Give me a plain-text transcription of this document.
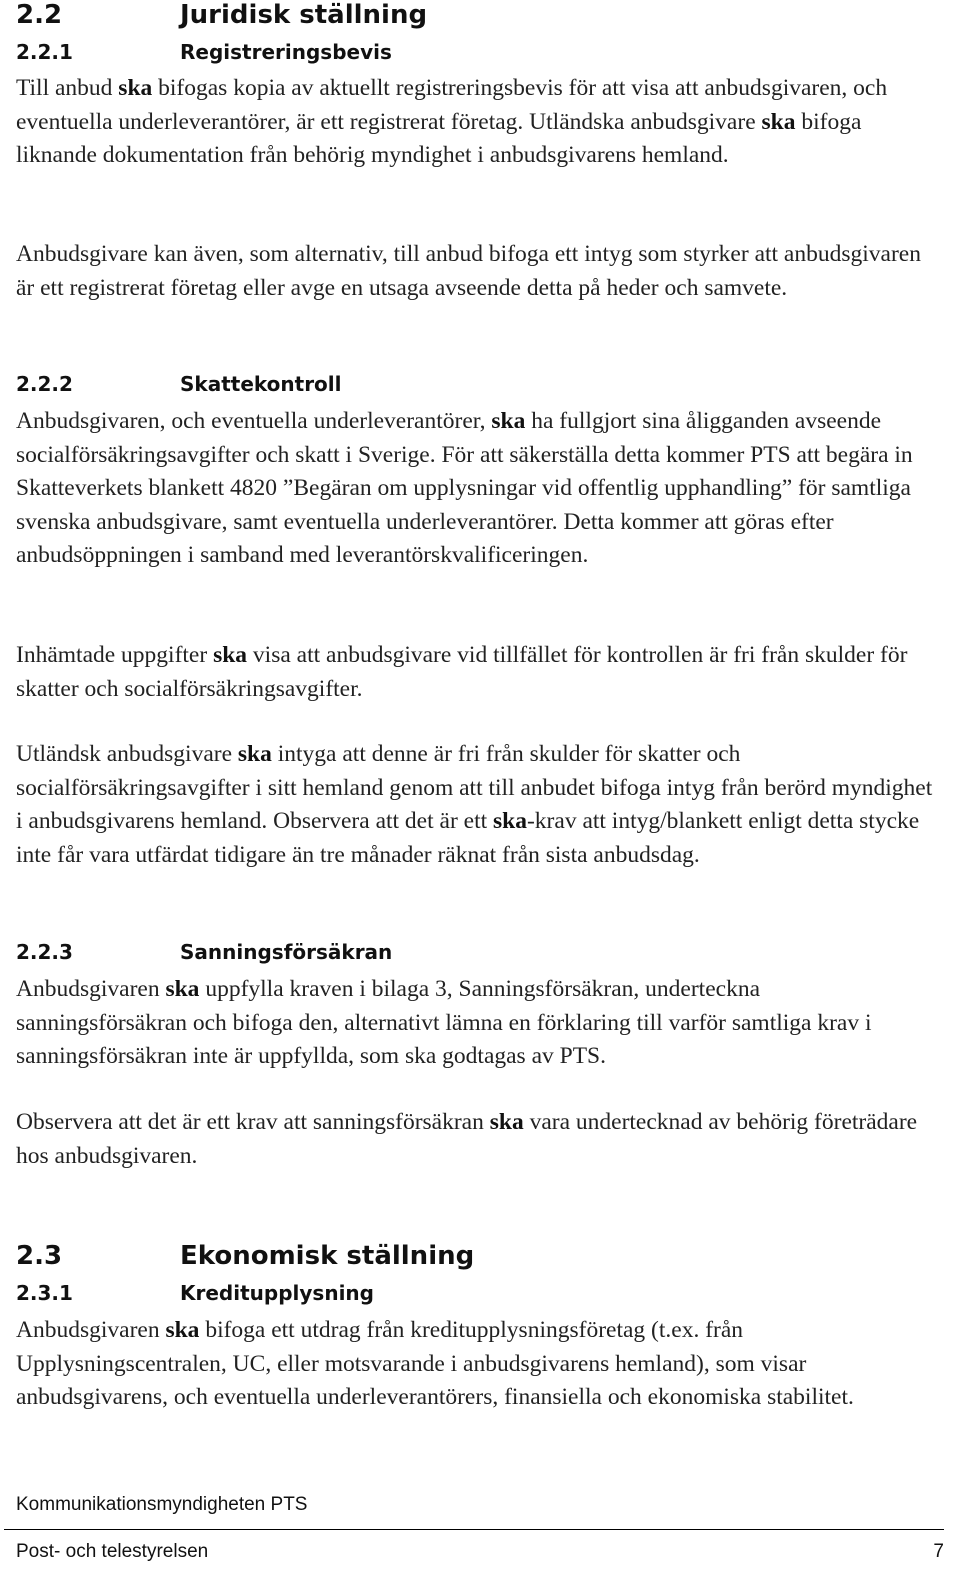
2.2	Juridisk ställning
2.2.1	Registreringsbevis

Till anbud ska bifogas kopia av aktuellt registreringsbevis för att visa att anbudsgivaren, och eventuella underleverantörer, är ett registrerat företag. Utländska anbudsgivare ska bifoga liknande dokumentation från behörig myndighet i anbudsgivarens hemland.

Anbudsgivare kan även, som alternativ, till anbud bifoga ett intyg som styrker att anbudsgivaren är ett registrerat företag eller avge en utsaga avseende detta på heder och samvete.

2.2.2	Skattekontroll

Anbudsgivaren, och eventuella underleverantörer, ska ha fullgjort sina åligganden avseende socialförsäkringsavgifter och skatt i Sverige. För att säkerställa detta kommer PTS att begära in Skatteverkets blankett 4820 ”Begäran om upplysningar vid offentlig upphandling” för samtliga svenska anbudsgivare, samt eventuella underleverantörer. Detta kommer att göras efter anbudsöppningen i samband med leverantörskvalificeringen.

Inhämtade uppgifter ska visa att anbudsgivare vid tillfället för kontrollen är fri från skulder för skatter och socialförsäkringsavgifter.

Utländsk anbudsgivare ska intyga att denne är fri från skulder för skatter och socialförsäkringsavgifter i sitt hemland genom att till anbudet bifoga intyg från berörd myndighet i anbudsgivarens hemland. Observera att det är ett ska-krav att intyg/blankett enligt detta stycke inte får vara utfärdat tidigare än tre månader räknat från sista anbudsdag.

2.2.3	Sanningsförsäkran

Anbudsgivaren ska uppfylla kraven i bilaga 3, Sanningsförsäkran, underteckna sanningsförsäkran och bifoga den, alternativt lämna en förklaring till varför samtliga krav i sanningsförsäkran inte är uppfyllda, som ska godtagas av PTS.

Observera att det är ett krav att sanningsförsäkran ska vara undertecknad av behörig företrädare hos anbudsgivaren.

2.3	Ekonomisk ställning
2.3.1	Kreditupplysning

Anbudsgivaren ska bifoga ett utdrag från kreditupplysningsföretag (t.ex. från Upplysningscentralen, UC, eller motsvarande i anbudsgivarens hemland), som visar anbudsgivarens, och eventuella underleverantörers, finansiella och ekonomiska stabilitet.

Kommunikationsmyndigheten PTS
Post- och telestyrelsen	7
